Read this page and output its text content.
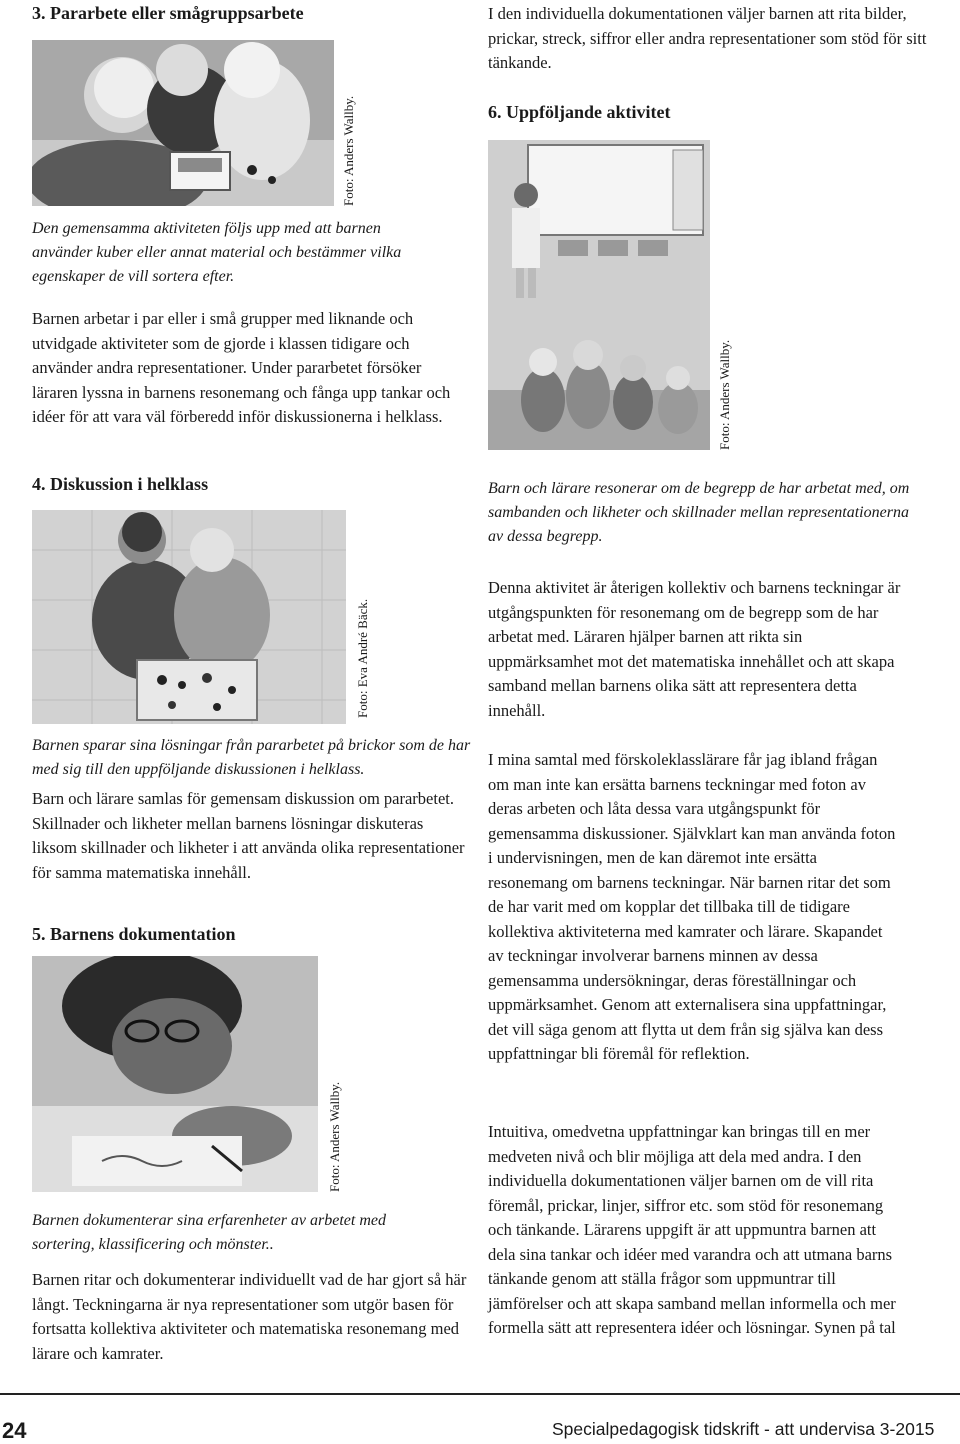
3. Pararbete eller smågruppsarbete
Foto: Anders Wallby.
Den gemensamma aktiviteten följs upp med att barnen använder kuber eller annat material och bestämmer vilka egenskaper de vill sortera efter.
Barnen arbetar i par eller i små grupper med liknande och utvidgade aktiviteter som de gjorde i klassen tidigare och använder andra representationer. Under pararbetet försöker läraren lyssna in barnens resonemang och fånga upp tankar och idéer för att vara väl förberedd inför diskussionerna i helklass.
4. Diskussion i helklass
Foto: Eva André Bäck.
Barnen sparar sina lösningar från pararbetet på brickor som de har med sig till den uppföljande diskussionen i helklass.
Barn och lärare samlas för gemensam diskussion om pararbetet. Skillnader och likheter mellan barnens lösningar diskuteras liksom skillnader och likheter i att använda olika representationer för samma matematiska innehåll.
5. Barnens dokumentation
Foto: Anders Wallby.
Barnen dokumenterar sina erfarenheter av arbetet med sortering, klassificering och mönster..
Barnen ritar och dokumenterar individuellt vad de har gjort så här långt. Teckningarna är nya representationer som utgör basen för fortsatta kollektiva aktiviteter och matematiska resonemang med lärare och kamrater.
I den individuella dokumentationen väljer barnen att rita bilder, prickar, streck, siffror eller andra representationer som stöd för sitt tänkande.
6. Uppföljande aktivitet
Foto: Anders Wallby.
Barn och lärare resonerar om de begrepp de har arbetat med, om sambanden och likheter och skillnader mellan representationerna av dessa begrepp.
Denna aktivitet är återigen kollektiv och barnens teckningar är utgångspunkten för resonemang om de begrepp som de har arbetat med. Läraren hjälper barnen att rikta sin uppmärksamhet mot det matematiska innehållet och att skapa samband mellan barnens olika sätt att representera detta innehåll.
I mina samtal med förskoleklasslärare får jag ibland frågan om man inte kan ersätta barnens teckningar med foton av deras arbeten och låta dessa vara utgångspunkt för gemensamma diskussioner. Självklart kan man använda foton i undervisningen, men de kan däremot inte ersätta resonemang om barnens teckningar. När barnen ritar det som de har varit med om kopplar det tillbaka till de tidigare kollektiva aktiviteterna med kamrater och lärare. Skapandet av teckningar involverar barnens minnen av dessa gemensamma undersökningar, deras föreställningar och uppmärksamhet. Genom att externalisera sina uppfattningar, det vill säga genom att flytta ut dem från sig själva kan dess uppfattningar bli föremål för reflektion.
Intuitiva, omedvetna uppfattningar kan bringas till en mer medveten nivå och blir möjliga att dela med andra. I den individuella dokumentationen väljer barnen om de vill rita föremål, prickar, linjer, siffror etc. som stöd för resonemang och tänkande. Lärarens uppgift är att uppmuntra barnen att dela sina tankar och idéer med varandra och att utmana barns tänkande genom att ställa frågor som uppmuntrar till jämförelser och att skapa samband mellan informella och mer formella sätt att representera idéer och lösningar. Synen på tal
24	Specialpedagogisk tidskrift - att undervisa 3-2015
